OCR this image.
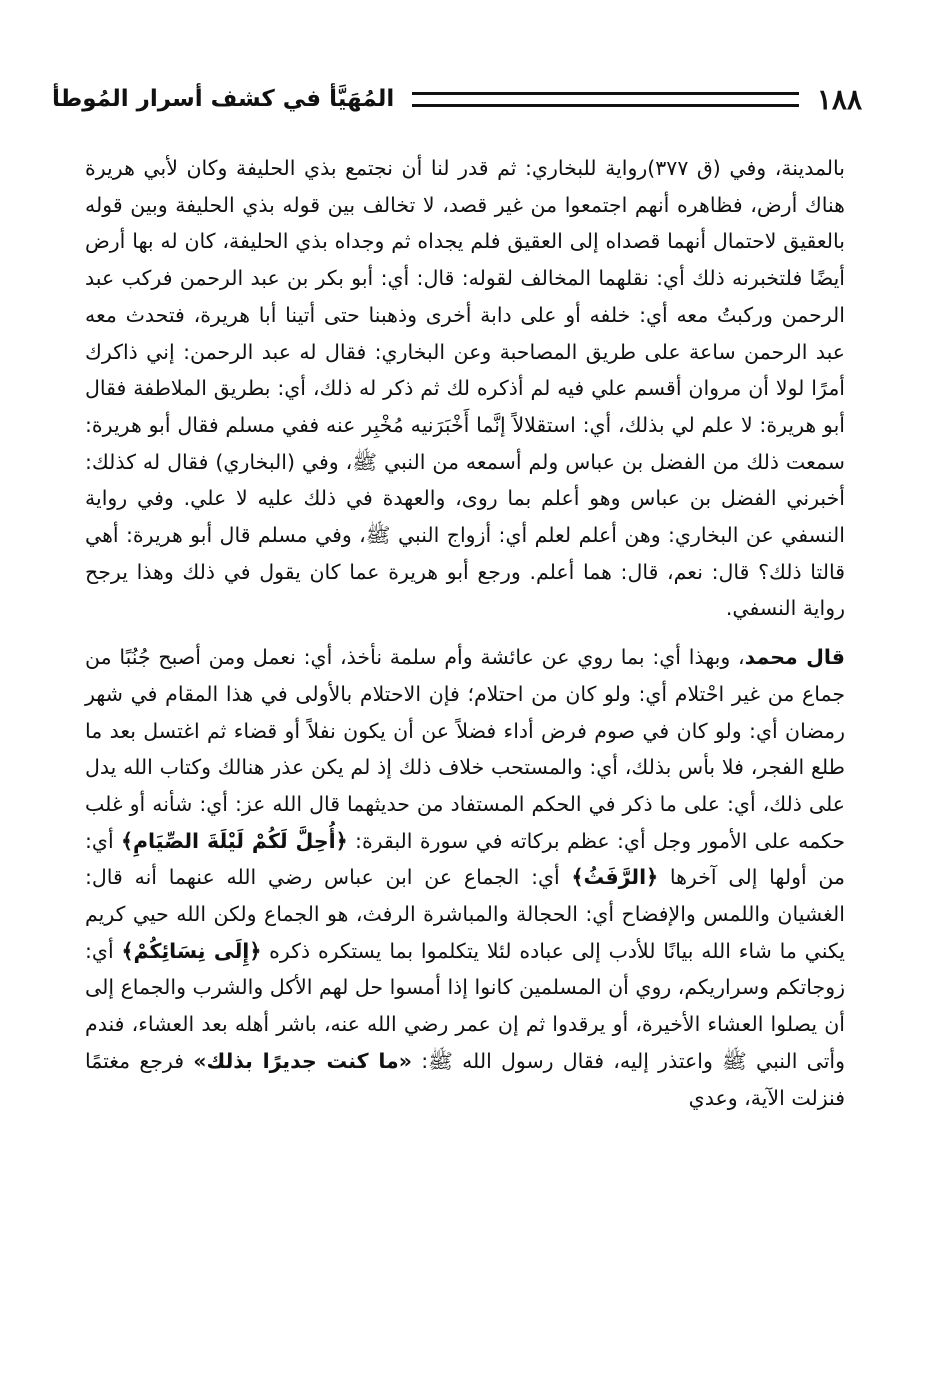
١٨٨
المُهَيَّأ في كشف أسرار المُوطأ

بالمدينة، وفي (ق ٣٧٧)رواية للبخاري: ثم قدر لنا أن نجتمع بذي الحليفة وكان لأبي هريرة هناك أرض، فظاهره أنهم اجتمعوا من غير قصد، لا تخالف بين قوله بذي الحليفة وبين قوله بالعقيق لاحتمال أنهما قصداه إلى العقيق فلم يجداه ثم وجداه بذي الحليفة، كان له بها أرض أيضًا فلتخبرنه ذلك أي: نقلهما المخالف لقوله: قال: أي: أبو بكر بن عبد الرحمن فركب عبد الرحمن وركبتُ معه أي: خلفه أو على دابة أخرى وذهبنا حتى أتينا أبا هريرة، فتحدث معه عبد الرحمن ساعة على طريق المصاحبة وعن البخاري: فقال له عبد الرحمن: إني ذاكرك أمرًا لولا أن مروان أقسم علي فيه لم أذكره لك ثم ذكر له ذلك، أي: بطريق الملاطفة فقال أبو هريرة: لا علم لي بذلك، أي: استقلالاً إنَّما أَخْبَرَنيه مُخْبِر عنه ففي مسلم فقال أبو هريرة: سمعت ذلك من الفضل بن عباس ولم أسمعه من النبي ﷺ، وفي (البخاري) فقال له كذلك: أخبرني الفضل بن عباس وهو أعلم بما روى، والعهدة في ذلك عليه لا علي. وفي رواية النسفي عن البخاري: وهن أعلم لعلم أي: أزواج النبي ﷺ، وفي مسلم قال أبو هريرة: أهي قالتا ذلك؟ قال: نعم، قال: هما أعلم. ورجع أبو هريرة عما كان يقول في ذلك وهذا يرجح رواية النسفي.

قال محمد، وبهذا أي: بما روي عن عائشة وأم سلمة نأخذ، أي: نعمل ومن أصبح جُنُبًا من جماع من غير احْتلام أي: ولو كان من احتلام؛ فإن الاحتلام بالأولى في هذا المقام في شهر رمضان أي: ولو كان في صوم فرض أداء فضلاً عن أن يكون نفلاً أو قضاء ثم اغتسل بعد ما طلع الفجر، فلا بأس بذلك، أي: والمستحب خلاف ذلك إذ لم يكن عذر هنالك وكتاب الله يدل على ذلك، أي: على ما ذكر في الحكم المستفاد من حديثهما قال الله عز: أي: شأنه أو غلب حكمه على الأمور وجل أي: عظم بركاته في سورة البقرة: ﴿أُحِلَّ لَكُمْ لَيْلَةَ الصِّيَامِ﴾ أي: من أولها إلى آخرها ﴿الرَّفَثُ﴾ أي: الجماع عن ابن عباس رضي الله عنهما أنه قال: الغشيان واللمس والإفضاح أي: الحجالة والمباشرة الرفث، هو الجماع ولكن الله حيي كريم يكني ما شاء الله بيانًا للأدب إلى عباده لئلا يتكلموا بما يستكره ذكره ﴿إِلَى نِسَائِكُمْ﴾ أي: زوجاتكم وسراريكم، روي أن المسلمين كانوا إذا أمسوا حل لهم الأكل والشرب والجماع إلى أن يصلوا العشاء الأخيرة، أو يرقدوا ثم إن عمر رضي الله عنه، باشر أهله بعد العشاء، فندم وأتى النبي ﷺ واعتذر إليه، فقال رسول الله ﷺ: «ما كنت جديرًا بذلك» فرجع مغتمًا فنزلت الآية، وعدي
